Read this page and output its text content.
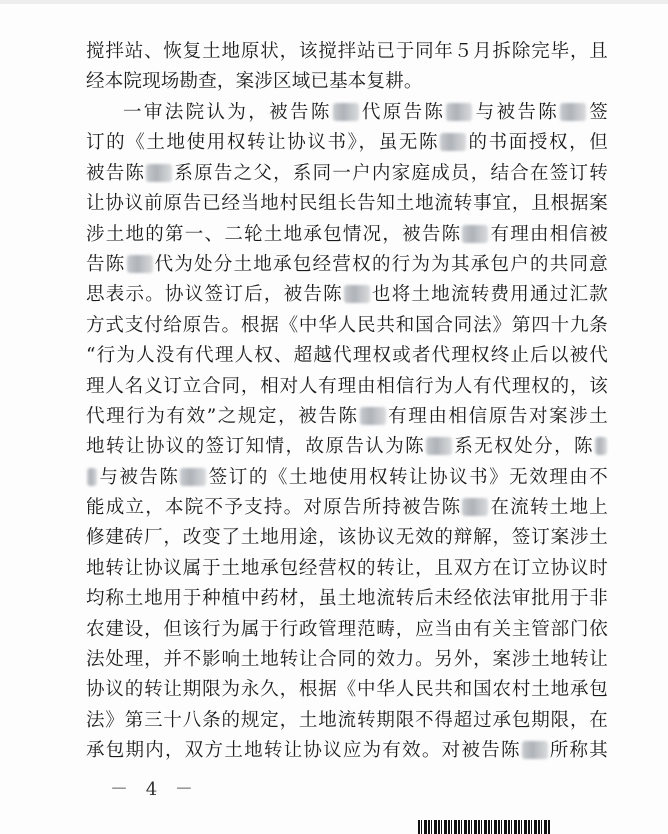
搅拌站、恢复土地原状，该搅拌站已于同年５月拆除完毕，且
经本院现场勘查，案涉区域已基本复耕。
一审法院认为，被告陈 代原告陈 与被告陈 签
订的《土地使用权转让协议书》，虽无陈 的书面授权，但
被告陈 系原告之父，系同一户内家庭成员，结合在签订转
让协议前原告已经当地村民组长告知土地流转事宜，且根据案
涉土地的第一、二轮土地承包情况，被告陈 有理由相信被
告陈 代为处分土地承包经营权的行为为其承包户的共同意
思表示。协议签订后，被告陈 也将土地流转费用通过汇款
方式支付给原告。根据《中华人民共和国合同法》第四十九条
“行为人没有代理人权、超越代理权或者代理权终止后以被代
理人名义订立合同，相对人有理由相信行为人有代理权的，该
代理行为有效”之规定，被告陈 有理由相信原告对案涉土
地转让协议的签订知情，故原告认为陈 系无权处分，陈
与被告陈 签订的《土地使用权转让协议书》无效理由不
能成立，本院不予支持。对原告所持被告陈 在流转土地上
修建砖厂，改变了土地用途，该协议无效的辩解，签订案涉土
地转让协议属于土地承包经营权的转让，且双方在订立协议时
均称土地用于种植中药材，虽土地流转后未经依法审批用于非
农建设，但该行为属于行政管理范畴，应当由有关主管部门依
法处理，并不影响土地转让合同的效力。另外，案涉土地转让
协议的转让期限为永久，根据《中华人民共和国农村土地承包
法》第三十八条的规定，土地流转期限不得超过承包期限，在
承包期内，双方土地转让协议应为有效。对被告陈 所称其
－ 4 －
